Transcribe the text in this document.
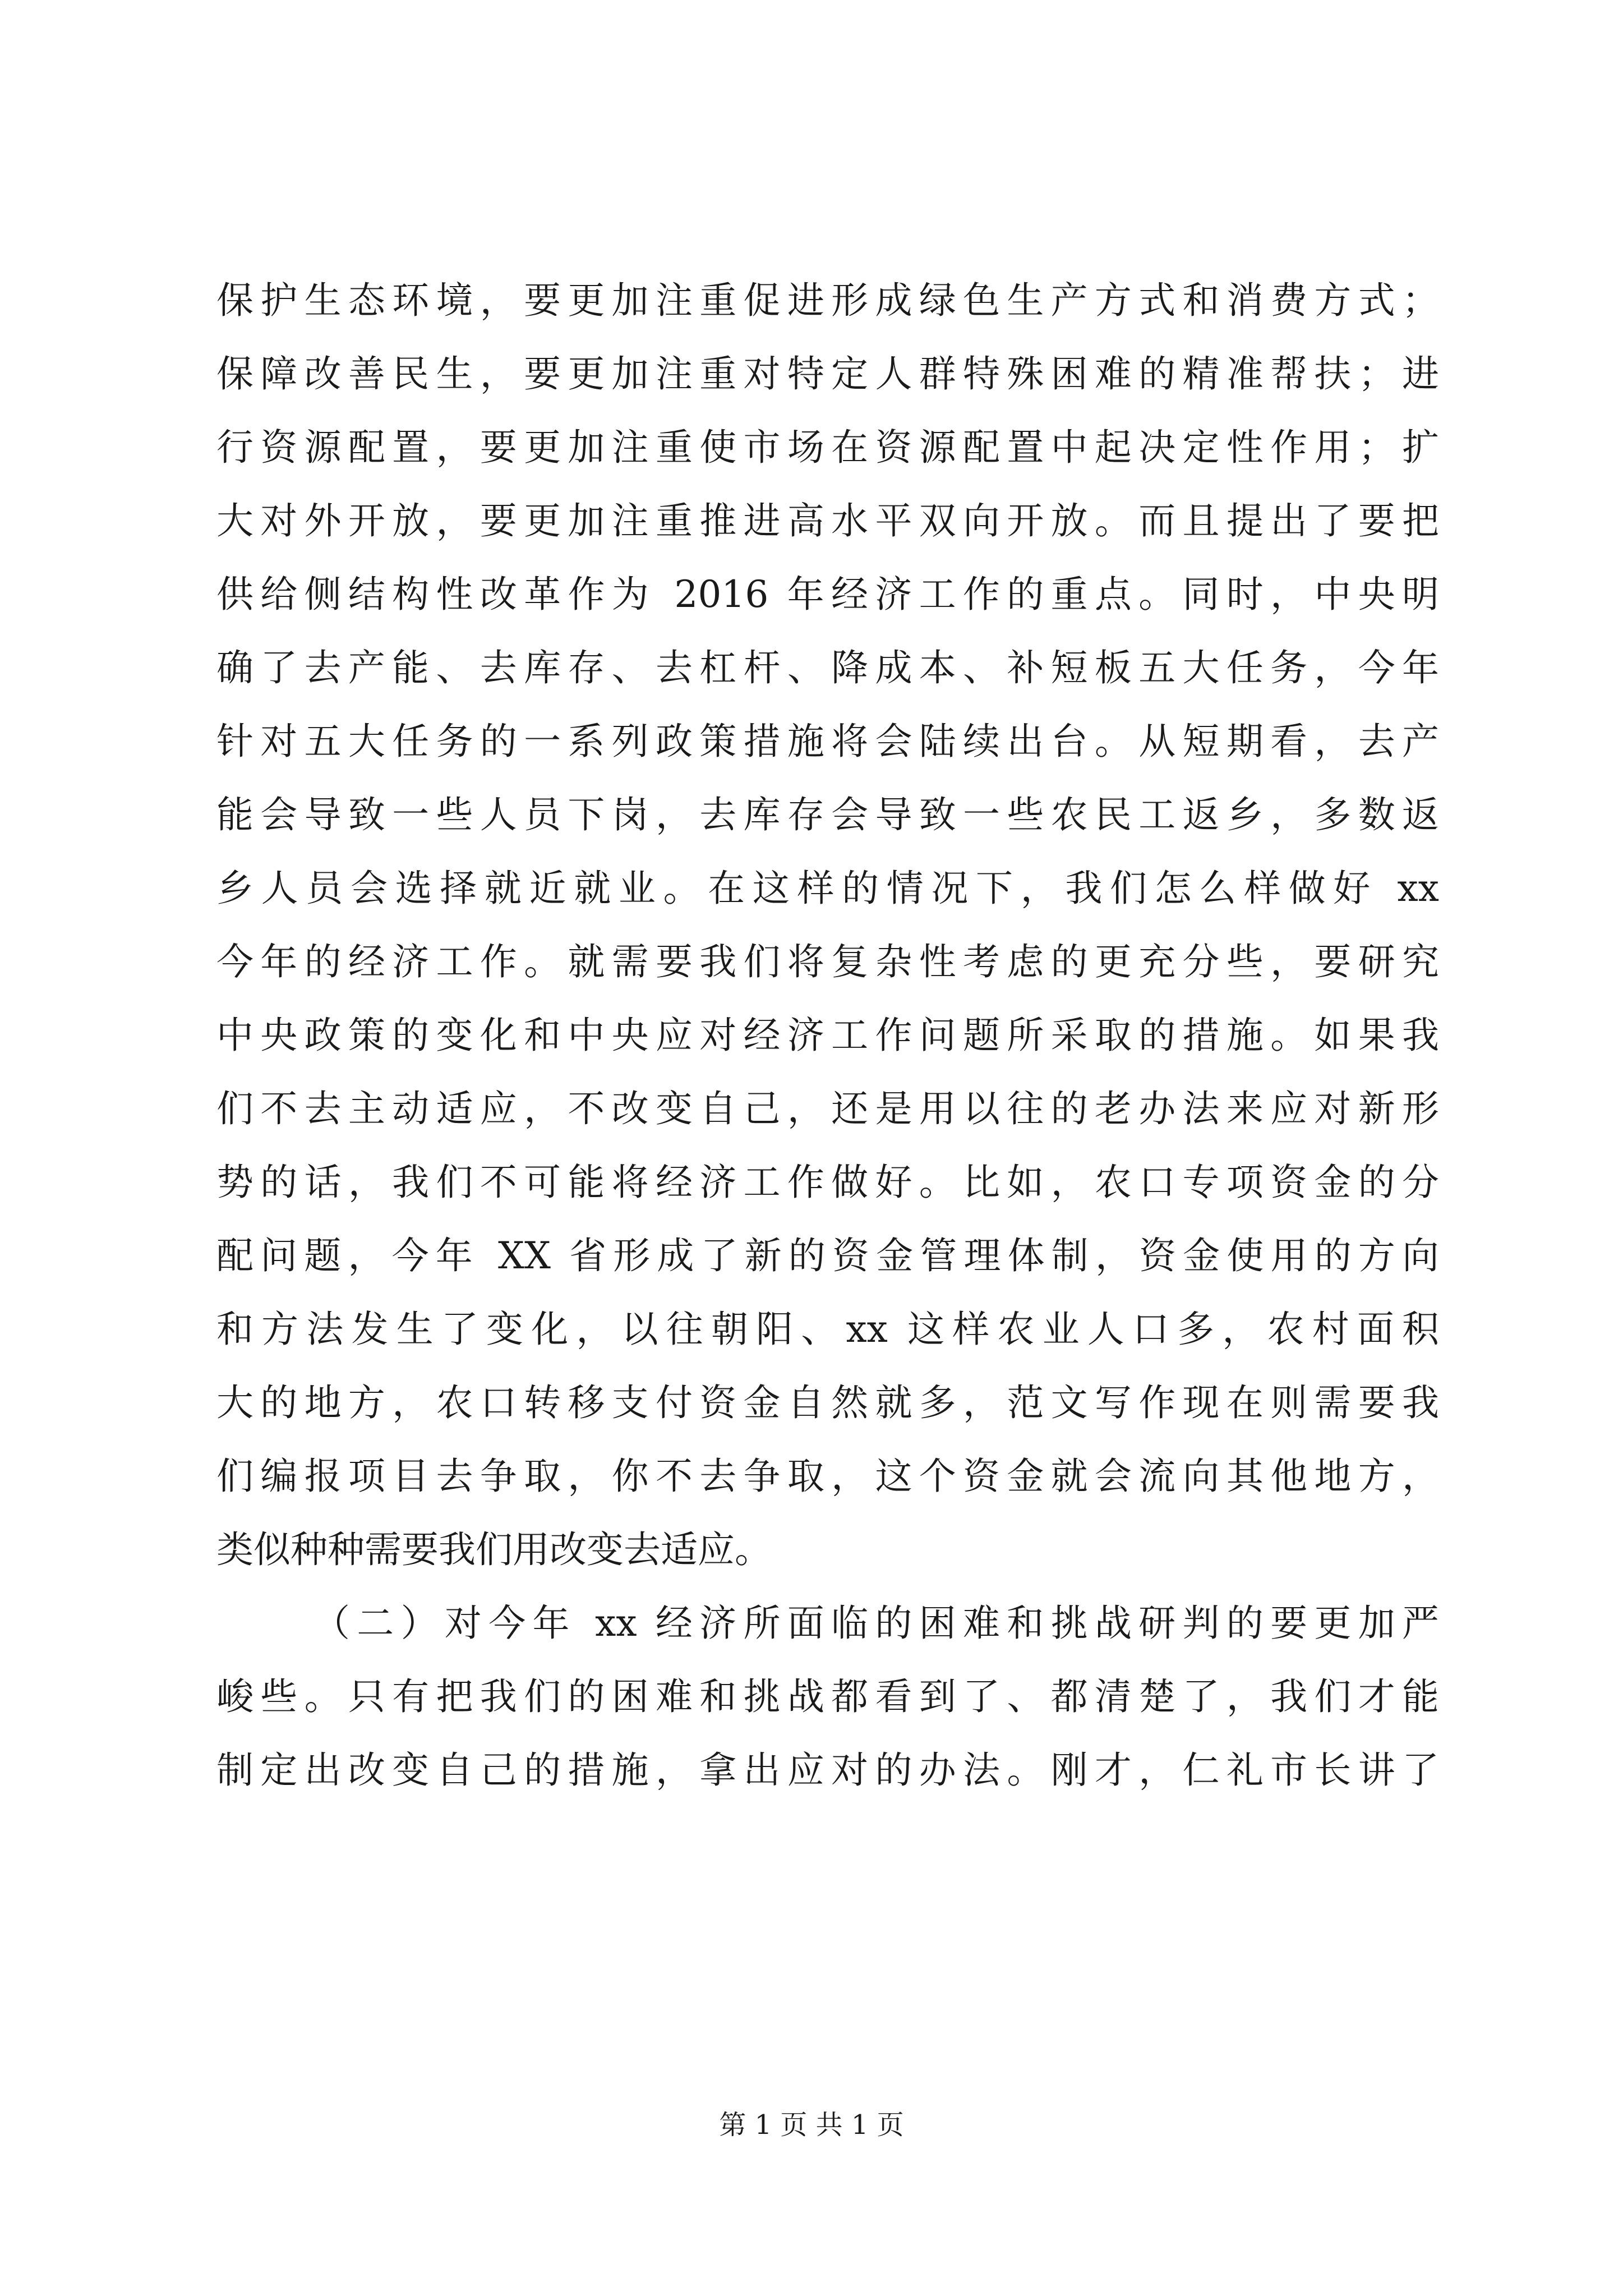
保护生态环境，要更加注重促进形成绿色生产方式和消费方式；
保障改善民生，要更加注重对特定人群特殊困难的精准帮扶；进
行资源配置，要更加注重使市场在资源配置中起决定性作用；扩
大对外开放，要更加注重推进高水平双向开放。而且提出了要把
供给侧结构性改革作为 2016 年经济工作的重点。同时，中央明
确了去产能、去库存、去杠杆、降成本、补短板五大任务，今年
针对五大任务的一系列政策措施将会陆续出台。从短期看，去产
能会导致一些人员下岗，去库存会导致一些农民工返乡，多数返
乡人员会选择就近就业。在这样的情况下，我们怎么样做好 xx
今年的经济工作。就需要我们将复杂性考虑的更充分些，要研究
中央政策的变化和中央应对经济工作问题所采取的措施。如果我
们不去主动适应，不改变自己，还是用以往的老办法来应对新形
势的话，我们不可能将经济工作做好。比如，农口专项资金的分
配问题，今年 XX 省形成了新的资金管理体制，资金使用的方向
和方法发生了变化，以往朝阳、xx 这样农业人口多，农村面积
大的地方，农口转移支付资金自然就多，范文写作现在则需要我
们编报项目去争取，你不去争取，这个资金就会流向其他地方，
类似种种需要我们用改变去适应。
（二）对今年 xx 经济所面临的困难和挑战研判的要更加严
峻些。只有把我们的困难和挑战都看到了、都清楚了，我们才能
制定出改变自己的措施，拿出应对的办法。刚才，仁礼市长讲了
第 1 页 共 1 页
